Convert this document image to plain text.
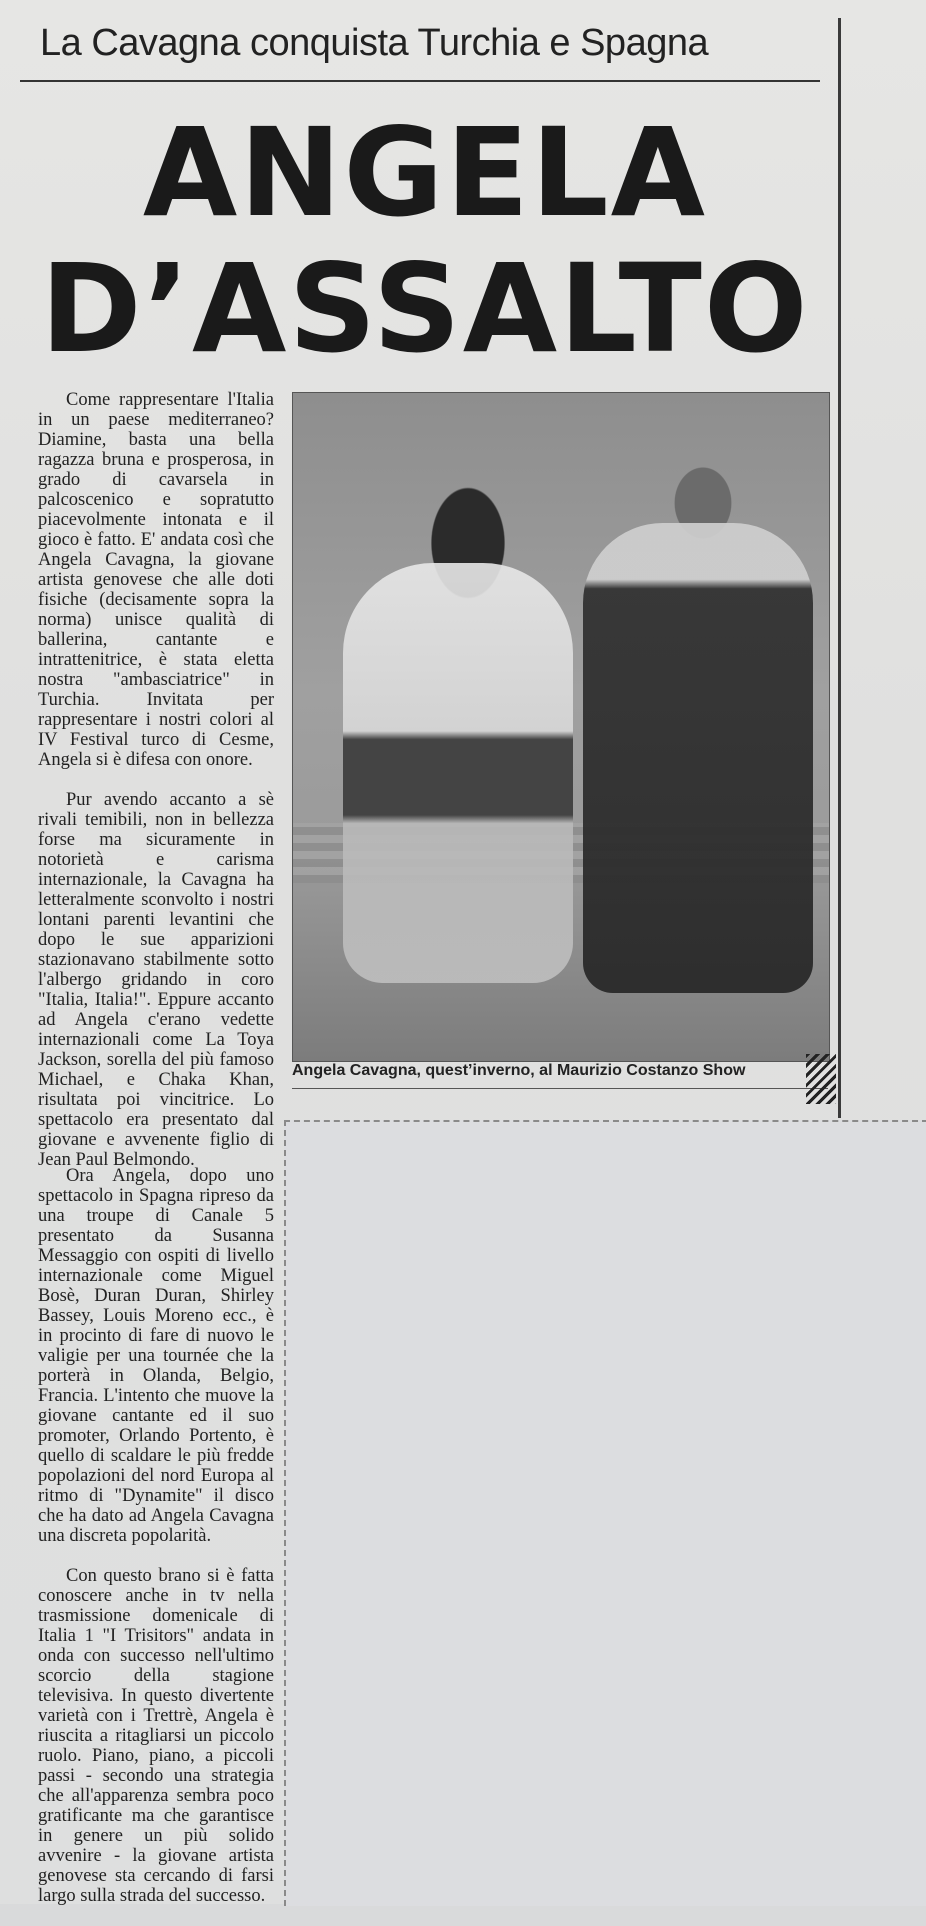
La Cavagna conquista Turchia e Spagna
ANGELA
D’ASSALTO

Come rappresentare l'Italia in un paese mediterraneo? Diamine, basta una bella ragazza bruna e prosperosa, in grado di cavarsela in palcoscenico e sopratutto piacevolmente intonata e il gioco è fatto. E' andata così che Angela Cavagna, la giovane artista genovese che alle doti fisiche (decisamente sopra la norma) unisce qualità di ballerina, cantante e intrattenitrice, è stata eletta nostra "ambasciatrice" in Turchia. Invitata per rappresentare i nostri colori al IV Festival turco di Cesme, Angela si è difesa con onore.

Pur avendo accanto a sè rivali temibili, non in bellezza forse ma sicuramente in notorietà e carisma internazionale, la Cavagna ha letteralmente sconvolto i nostri lontani parenti levantini che dopo le sue apparizioni stazionavano stabilmente sotto l'albergo gridando in coro "Italia, Italia!". Eppure accanto ad Angela c'erano vedette internazionali come La Toya Jackson, sorella del più famoso Michael, e Chaka Khan, risultata poi vincitrice. Lo spettacolo era presentato dal giovane e avvenente figlio di Jean Paul Belmondo.

Angela Cavagna, quest’inverno, al Maurizio Costanzo Show

Ora Angela, dopo uno spettacolo in Spagna ripreso da una troupe di Canale 5 presentato da Susanna Messaggio con ospiti di livello internazionale come Miguel Bosè, Duran Duran, Shirley Bassey, Louis Moreno ecc., è in procinto di fare di nuovo le valigie per una tournée che la porterà in Olanda, Belgio, Francia. L'intento che muove la giovane cantante ed il suo promoter, Orlando Portento, è quello di scaldare le più fredde popolazioni del nord Europa al ritmo di "Dynamite" il disco che ha dato ad Angela Cavagna una discreta popolarità.

Con questo brano si è fatta conoscere anche in tv nella trasmissione domenicale di Italia 1 "I Trisitors" andata in onda con successo nell'ultimo scorcio della stagione televisiva. In questo divertente varietà con i Trettrè, Angela è riuscita a ritagliarsi un piccolo ruolo. Piano, piano, a piccoli passi - secondo una strategia che all'apparenza sembra poco gratificante ma che garantisce in genere un più solido avvenire - la giovane artista genovese sta cercando di farsi largo sulla strada del successo.
